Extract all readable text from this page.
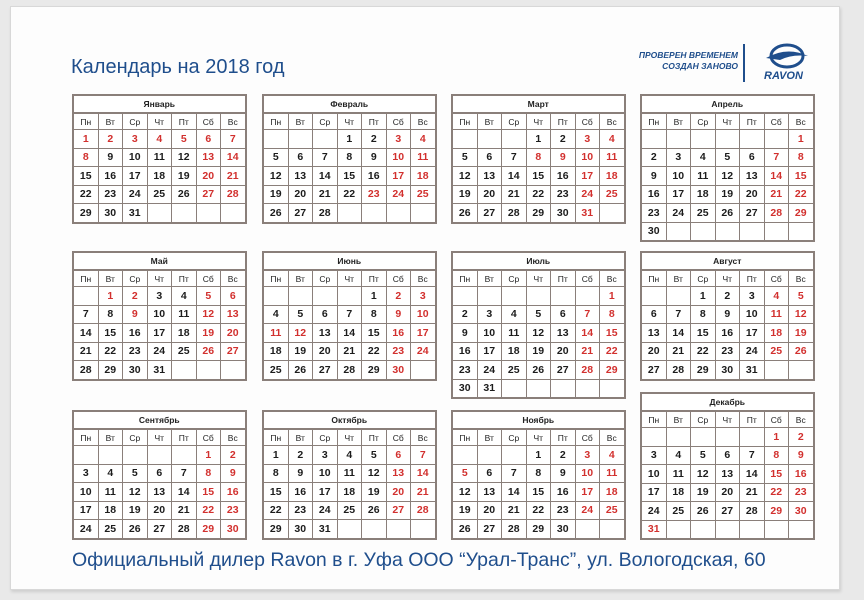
Календарь на 2018 год
ПРОВЕРЕН ВРЕМЕНЕМ
СОЗДАН ЗАНОВО
RAVON
Январь
Пн	Вт	Ср	Чт	Пт	Сб	Вс
1	2	3	4	5	6	7
8	9	10	11	12	13	14
15	16	17	18	19	20	21
22	23	24	25	26	27	28
29	30	31				
Февраль
Пн	Вт	Ср	Чт	Пт	Сб	Вс
			1	2	3	4
5	6	7	8	9	10	11
12	13	14	15	16	17	18
19	20	21	22	23	24	25
26	27	28				
Март
Пн	Вт	Ср	Чт	Пт	Сб	Вс
			1	2	3	4
5	6	7	8	9	10	11
12	13	14	15	16	17	18
19	20	21	22	23	24	25
26	27	28	29	30	31	
Апрель
Пн	Вт	Ср	Чт	Пт	Сб	Вс
						1
2	3	4	5	6	7	8
9	10	11	12	13	14	15
16	17	18	19	20	21	22
23	24	25	26	27	28	29
30						
Май
Пн	Вт	Ср	Чт	Пт	Сб	Вс
	1	2	3	4	5	6
7	8	9	10	11	12	13
14	15	16	17	18	19	20
21	22	23	24	25	26	27
28	29	30	31			
Июнь
Пн	Вт	Ср	Чт	Пт	Сб	Вс
				1	2	3
4	5	6	7	8	9	10
11	12	13	14	15	16	17
18	19	20	21	22	23	24
25	26	27	28	29	30	
Июль
Пн	Вт	Ср	Чт	Пт	Сб	Вс
						1
2	3	4	5	6	7	8
9	10	11	12	13	14	15
16	17	18	19	20	21	22
23	24	25	26	27	28	29
30	31					
Август
Пн	Вт	Ср	Чт	Пт	Сб	Вс
		1	2	3	4	5
6	7	8	9	10	11	12
13	14	15	16	17	18	19
20	21	22	23	24	25	26
27	28	29	30	31		
Сентябрь
Пн	Вт	Ср	Чт	Пт	Сб	Вс
					1	2
3	4	5	6	7	8	9
10	11	12	13	14	15	16
17	18	19	20	21	22	23
24	25	26	27	28	29	30
Октябрь
Пн	Вт	Ср	Чт	Пт	Сб	Вс
1	2	3	4	5	6	7
8	9	10	11	12	13	14
15	16	17	18	19	20	21
22	23	24	25	26	27	28
29	30	31				
Ноябрь
Пн	Вт	Ср	Чт	Пт	Сб	Вс
			1	2	3	4
5	6	7	8	9	10	11
12	13	14	15	16	17	18
19	20	21	22	23	24	25
26	27	28	29	30		
Декабрь
Пн	Вт	Ср	Чт	Пт	Сб	Вс
					1	2
3	4	5	6	7	8	9
10	11	12	13	14	15	16
17	18	19	20	21	22	23
24	25	26	27	28	29	30
31						
Официальный дилер Ravon в г. Уфа ООО “Урал-Транс”, ул. Вологодская, 60
